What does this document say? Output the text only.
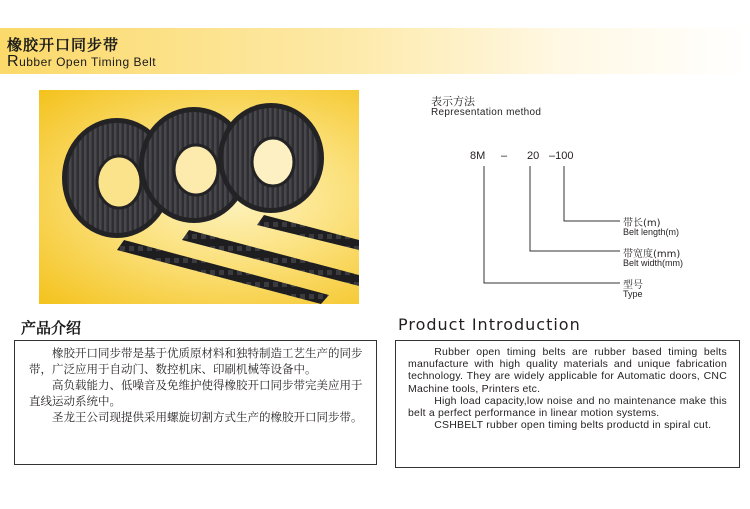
橡胶开口同步带
Rubber Open Timing Belt
表示方法
Representation method
8M – 20 –100
带长(m)
Belt length(m)
带宽度(mm)
Belt width(mm)
型号
Type
产品介绍	Product Introduction

橡胶开口同步带是基于优质原材料和独特制造工艺生产的同步带，广泛应用于自动门、数控机床、印刷机械等设备中。

高负载能力、低噪音及免维护使得橡胶开口同步带完美应用于直线运动系统中。

圣龙王公司现提供采用螺旋切割方式生产的橡胶开口同步带。

Rubber open timing belts are rubber based timing belts manufacture with high quality materials and unique fabrication technology. They are widely applicable for Automatic doors, CNC Machine tools, Printers etc.

High load capacity,low noise and no maintenance make this belt a perfect performance in linear motion systems.

CSHBELT rubber open timing belts productd in spiral cut.
